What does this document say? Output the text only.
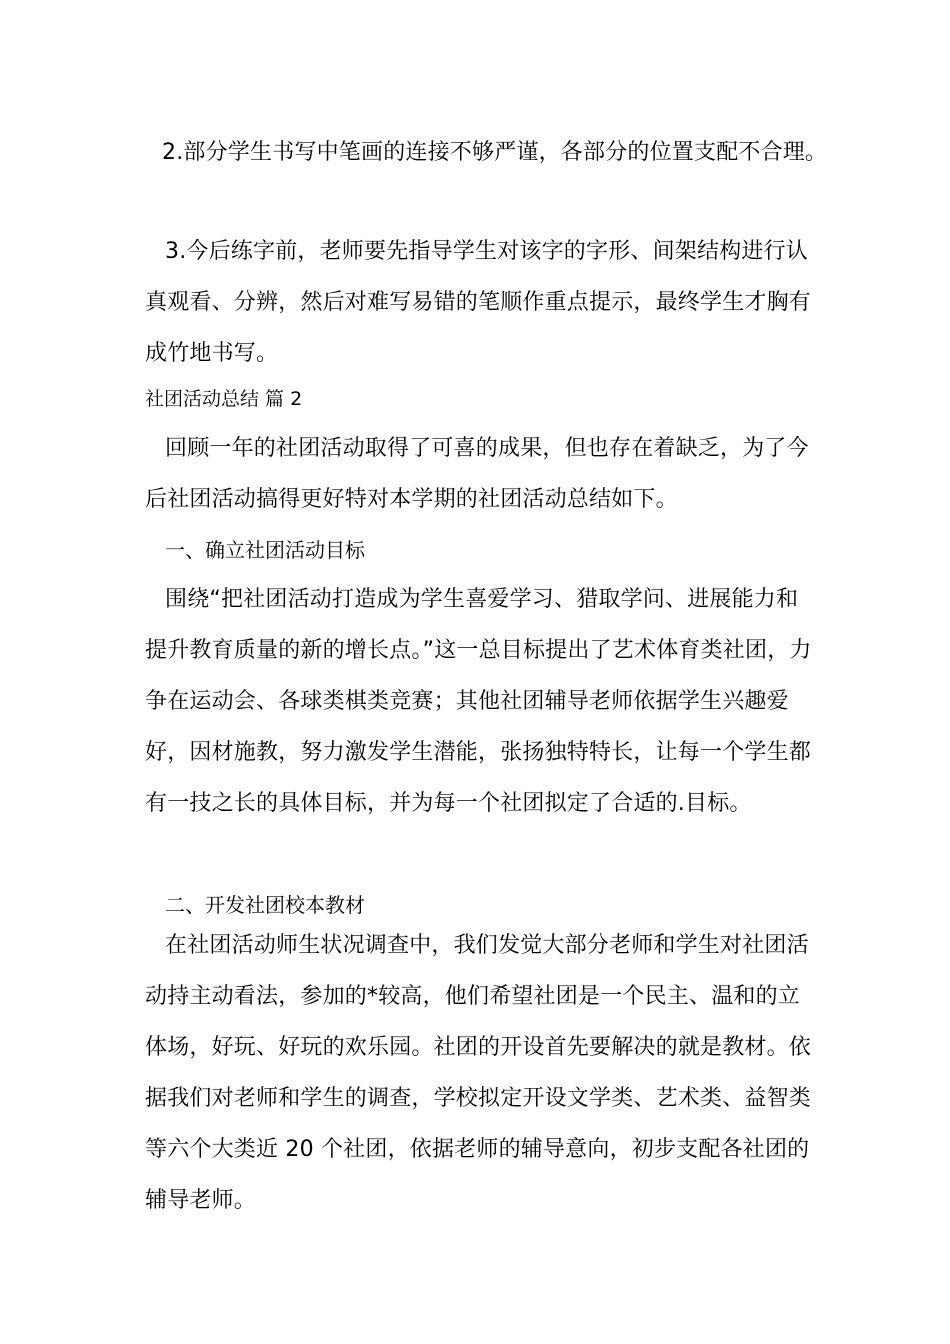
2.部分学生书写中笔画的连接不够严谨，各部分的位置支配不合理。
3.今后练字前，老师要先指导学生对该字的字形、间架结构进行认真观看、分辨，然后对难写易错的笔顺作重点提示，最终学生才胸有成竹地书写。
社团活动总结 篇 2
回顾一年的社团活动取得了可喜的成果，但也存在着缺乏，为了今后社团活动搞得更好特对本学期的社团活动总结如下。
一、确立社团活动目标
围绕“把社团活动打造成为学生喜爱学习、猎取学问、进展能力和提升教育质量的新的增长点。”这一总目标提出了艺术体育类社团，力争在运动会、各球类棋类竞赛；其他社团辅导老师依据学生兴趣爱好，因材施教，努力激发学生潜能，张扬独特特长，让每一个学生都有一技之长的具体目标，并为每一个社团拟定了合适的.目标。
二、开发社团校本教材
在社团活动师生状况调查中，我们发觉大部分老师和学生对社团活动持主动看法，参加的*较高，他们希望社团是一个民主、温和的立体场，好玩、好玩的欢乐园。社团的开设首先要解决的就是教材。依据我们对老师和学生的调查，学校拟定开设文学类、艺术类、益智类等六个大类近 20 个社团，依据老师的辅导意向，初步支配各社团的辅导老师。
